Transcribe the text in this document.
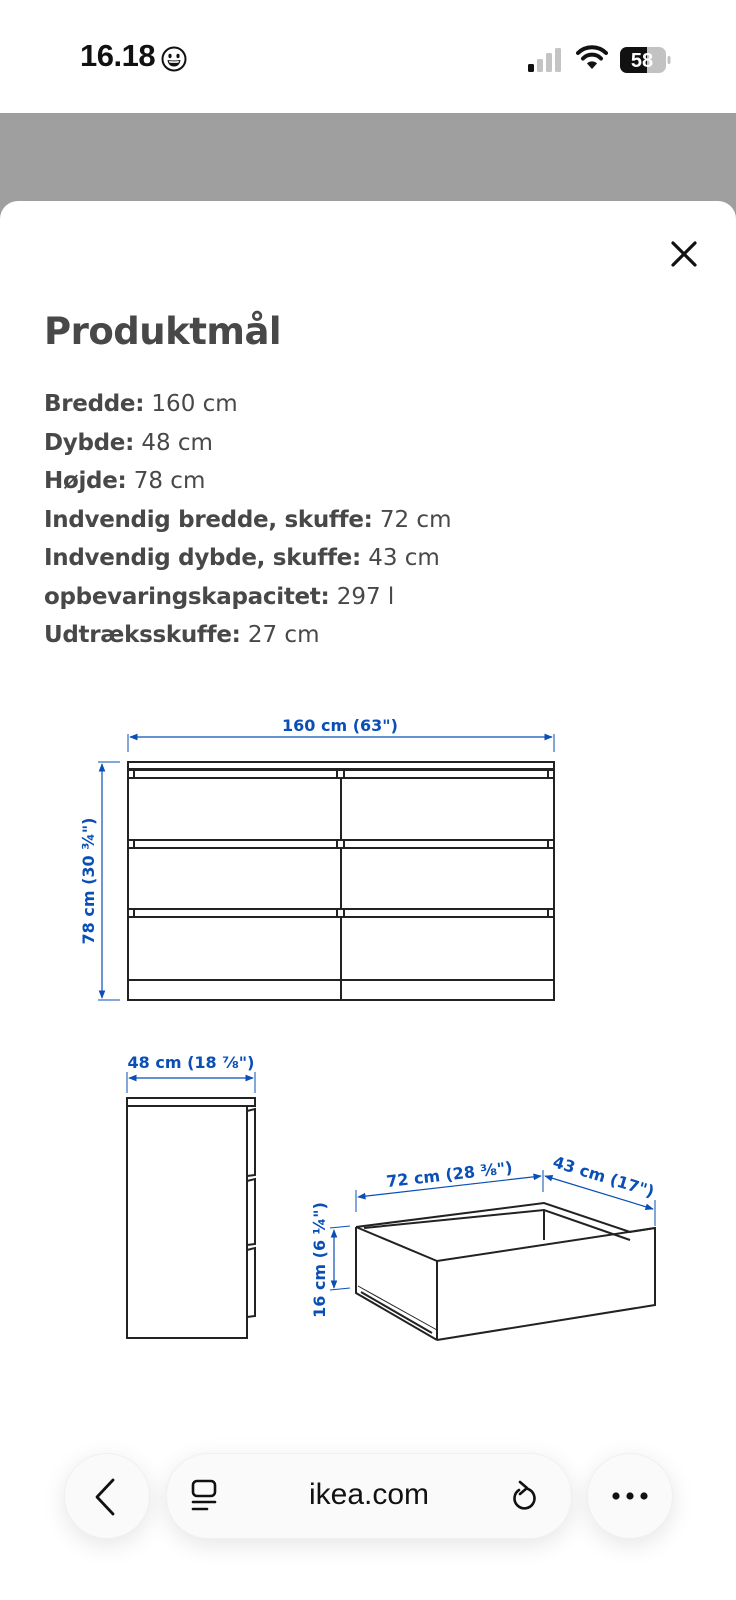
16.18	58
Produktmål
Bredde: 160 cm
Dybde: 48 cm
Højde: 78 cm
Indvendig bredde, skuffe: 72 cm
Indvendig dybde, skuffe: 43 cm
opbevaringskapacitet: 297 l
Udtræksskuffe: 27 cm
160 cm (63")
78 cm (30 ¾")
48 cm (18 ⅞")
72 cm (28 ⅜") 43 cm (17")
16 cm (6 ¼")
ikea.com
